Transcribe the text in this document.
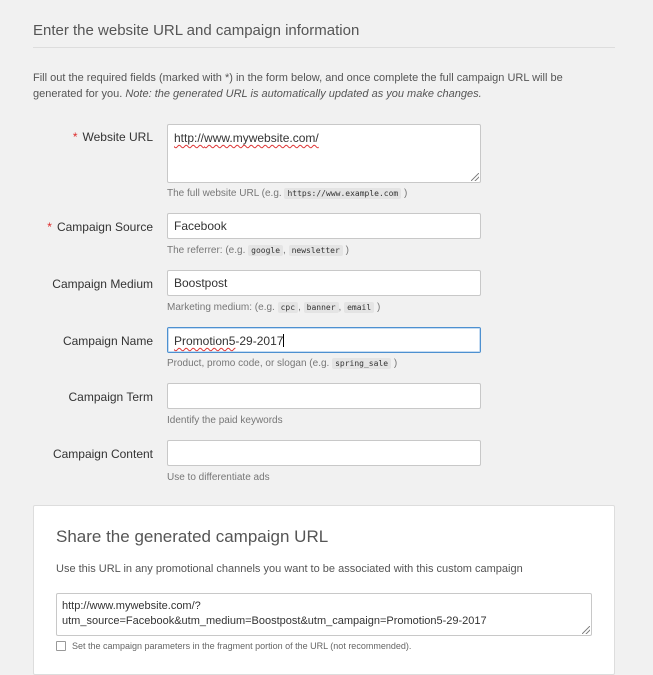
Enter the website URL and campaign information
Fill out the required fields (marked with *) in the form below, and once complete the full campaign URL will be generated for you. Note: the generated URL is automatically updated as you make changes.
* Website URL	http://www.mywebsite.com/
The full website URL (e.g. https://www.example.com )
* Campaign Source	Facebook
The referrer: (e.g. google , newsletter )
Campaign Medium	Boostpost
Marketing medium: (e.g. cpc , banner , email )
Campaign Name	Promotion5-29-2017
Product, promo code, or slogan (e.g. spring_sale )
Campaign Term
Identify the paid keywords
Campaign Content
Use to differentiate ads
Share the generated campaign URL
Use this URL in any promotional channels you want to be associated with this custom campaign
http://www.mywebsite.com/?
utm_source=Facebook&utm_medium=Boostpost&utm_campaign=Promotion5-29-2017
Set the campaign parameters in the fragment portion of the URL (not recommended).
